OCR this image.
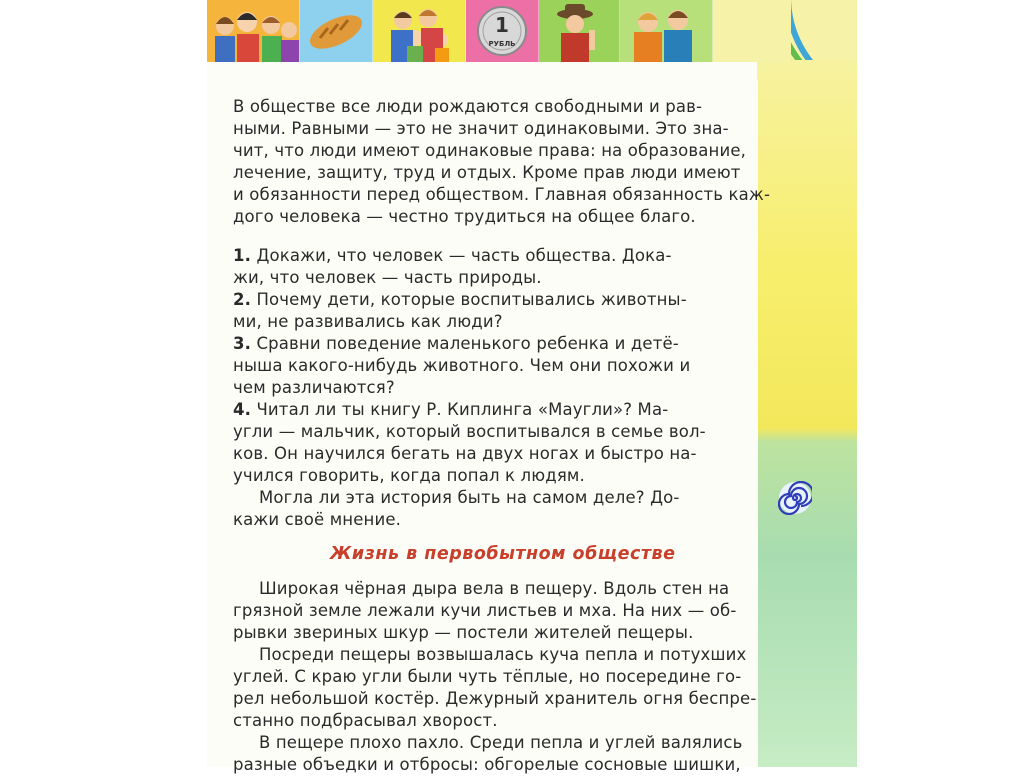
1
РУБЛЬ

В обществе все люди рождаются свободными и рав-
ными. Равными — это не значит одинаковыми. Это зна-
чит, что люди имеют одинаковые права: на образование,
лечение, защиту, труд и отдых. Кроме прав люди имеют
и обязанности перед обществом. Главная обязанность каж-
дого человека — честно трудиться на общее благо.

1. Докажи, что человек — часть общества. Дока-
жи, что человек — часть природы.

2. Почему дети, которые воспитывались животны-
ми, не развивались как люди?

3. Сравни поведение маленького ребенка и детё-
ныша какого-нибудь животного. Чем они похожи и
чем различаются?

4. Читал ли ты книгу Р. Киплинга «Маугли»? Ма-
угли — мальчик, который воспитывался в семье вол-
ков. Он научился бегать на двух ногах и быстро на-
учился говорить, когда попал к людям.

Могла ли эта история быть на самом деле? До-
кажи своё мнение.

Жизнь в первобытном обществе

Широкая чёрная дыра вела в пещеру. Вдоль стен на
грязной земле лежали кучи листьев и мха. На них — об-
рывки звериных шкур — постели жителей пещеры.

Посреди пещеры возвышалась куча пепла и потухших
углей. С краю угли были чуть тёплые, но посередине го-
рел небольшой костёр. Дежурный хранитель огня беспре-
станно подбрасывал хворост.

В пещере плохо пахло. Среди пепла и углей валялись
разные объедки и отбросы: обгорелые сосновые шишки,
